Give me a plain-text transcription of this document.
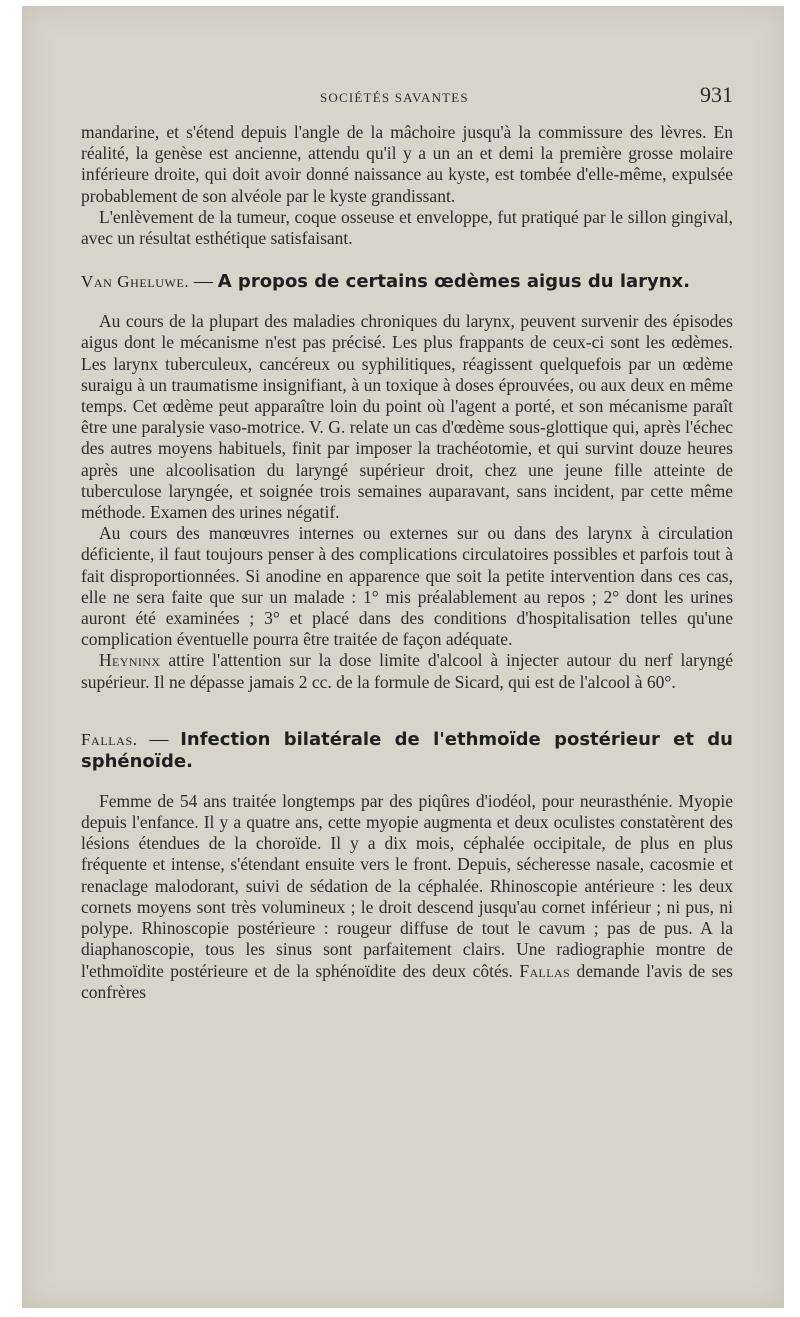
SOCIÉTÉS SAVANTES	931

mandarine, et s'étend depuis l'angle de la mâchoire jusqu'à la commissure des lèvres. En réalité, la genèse est ancienne, attendu qu'il y a un an et demi la première grosse molaire inférieure droite, qui doit avoir donné naissance au kyste, est tombée d'elle-même, expulsée probablement de son alvéole par le kyste grandissant.

L'enlèvement de la tumeur, coque osseuse et enveloppe, fut pratiqué par le sillon gingival, avec un résultat esthétique satisfaisant.

Van Gheluwe. — A propos de certains œdèmes aigus du larynx.

Au cours de la plupart des maladies chroniques du larynx, peuvent survenir des épisodes aigus dont le mécanisme n'est pas précisé. Les plus frappants de ceux-ci sont les œdèmes. Les larynx tuberculeux, cancéreux ou syphilitiques, réagissent quelquefois par un œdème suraigu à un traumatisme insignifiant, à un toxique à doses éprouvées, ou aux deux en même temps. Cet œdème peut apparaître loin du point où l'agent a porté, et son mécanisme paraît être une paralysie vaso-motrice. V. G. relate un cas d'œdème sous-glottique qui, après l'échec des autres moyens habituels, finit par imposer la trachéotomie, et qui survint douze heures après une alcoolisation du laryngé supérieur droit, chez une jeune fille atteinte de tuberculose laryngée, et soignée trois semaines auparavant, sans incident, par cette même méthode. Examen des urines négatif.

Au cours des manœuvres internes ou externes sur ou dans des larynx à circulation déficiente, il faut toujours penser à des complications circulatoires possibles et parfois tout à fait disproportionnées. Si anodine en apparence que soit la petite intervention dans ces cas, elle ne sera faite que sur un malade : 1° mis préalablement au repos ; 2° dont les urines auront été examinées ; 3° et placé dans des conditions d'hospitalisation telles qu'une complication éventuelle pourra être traitée de façon adéquate.

Heyninx attire l'attention sur la dose limite d'alcool à injecter autour du nerf laryngé supérieur. Il ne dépasse jamais 2 cc. de la formule de Sicard, qui est de l'alcool à 60°.

Fallas. — Infection bilatérale de l'ethmoïde postérieur et du sphénoïde.

Femme de 54 ans traitée longtemps par des piqûres d'iodéol, pour neurasthénie. Myopie depuis l'enfance. Il y a quatre ans, cette myopie augmenta et deux oculistes constatèrent des lésions étendues de la choroïde. Il y a dix mois, céphalée occipitale, de plus en plus fréquente et intense, s'étendant ensuite vers le front. Depuis, sécheresse nasale, cacosmie et renaclage malodorant, suivi de sédation de la céphalée. Rhinoscopie antérieure : les deux cornets moyens sont très volumineux ; le droit descend jusqu'au cornet inférieur ; ni pus, ni polype. Rhinoscopie postérieure : rougeur diffuse de tout le cavum ; pas de pus. A la diaphanoscopie, tous les sinus sont parfaitement clairs. Une radiographie montre de l'ethmoïdite postérieure et de la sphénoïdite des deux côtés. Fallas demande l'avis de ses confrères
